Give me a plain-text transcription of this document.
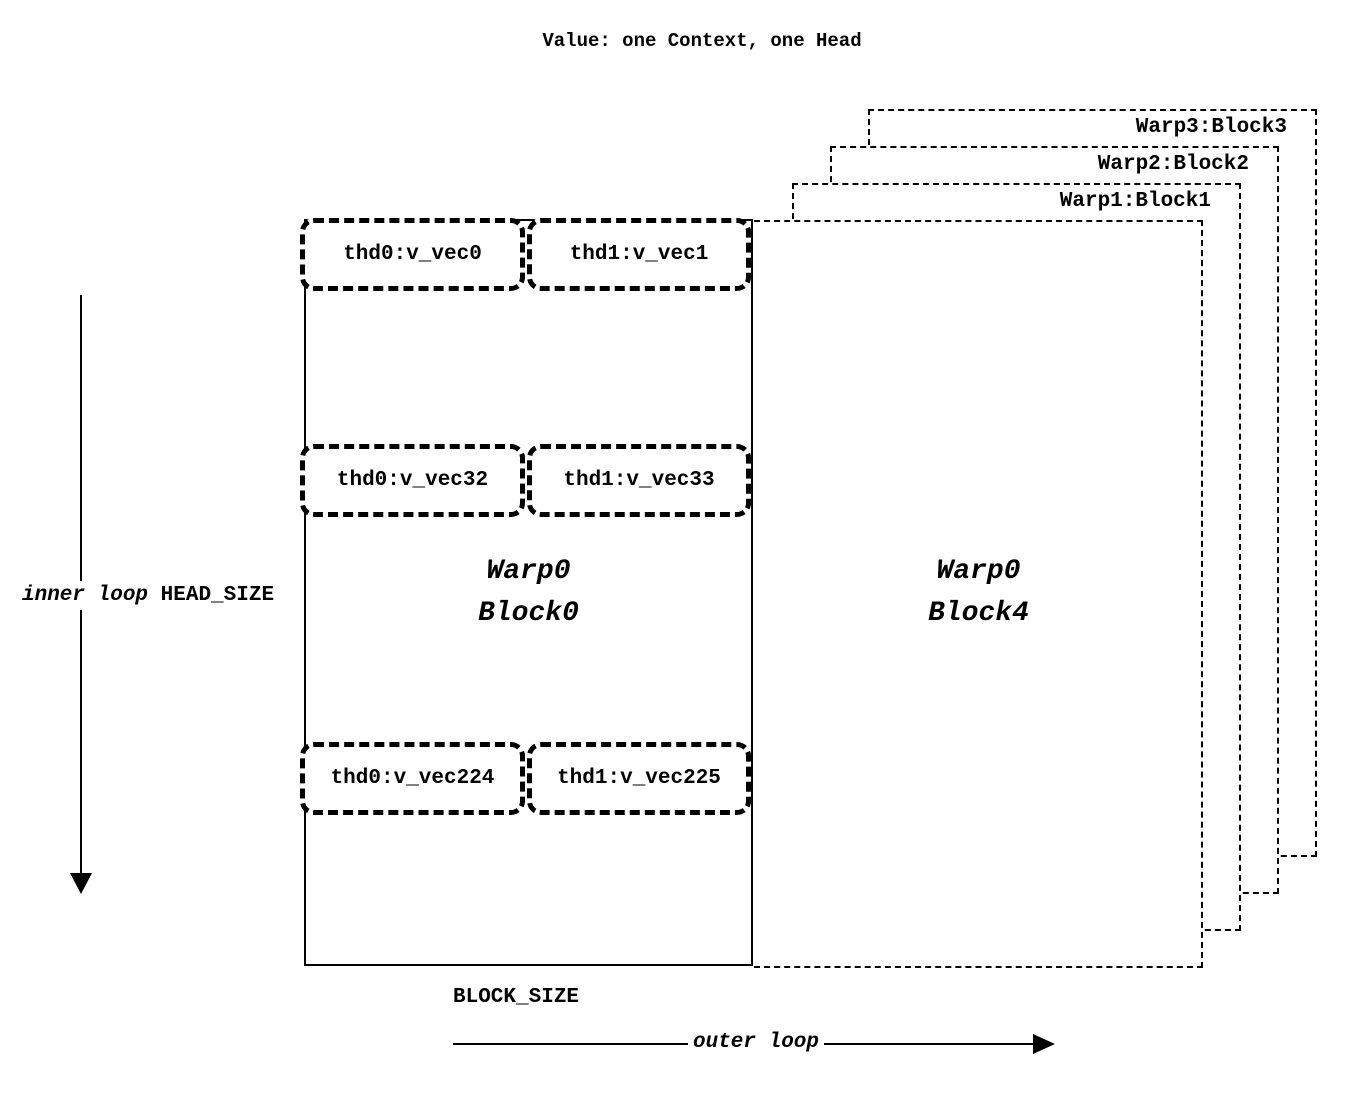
Value: one Context, one Head
Warp3:Block3
Warp2:Block2
Warp1:Block1
thd0:v_vec0	thd1:v_vec1
thd0:v_vec32	thd1:v_vec33
thd0:v_vec224	thd1:v_vec225
Warp0
Block0
Warp0
Block4
inner loop HEAD_SIZE
BLOCK_SIZE
outer loop
